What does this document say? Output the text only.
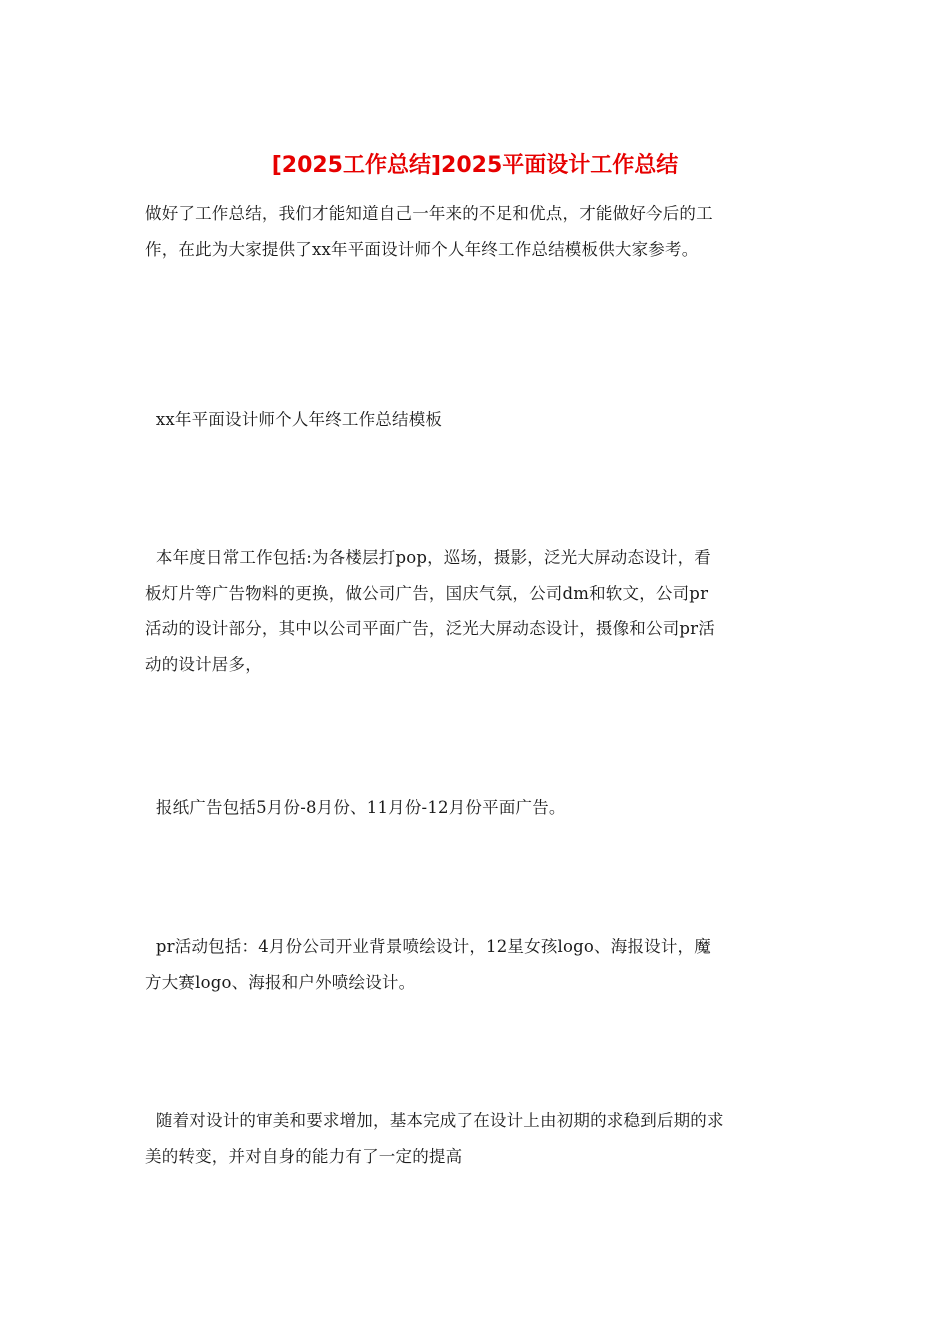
[2025工作总结]2025平面设计工作总结

做好了工作总结，我们才能知道自己一年来的不足和优点，才能做好今后的工
作，在此为大家提供了xx年平面设计师个人年终工作总结模板供大家参考。

xx年平面设计师个人年终工作总结模板

本年度日常工作包括:为各楼层打pop，巡场，摄影，泛光大屏动态设计，看
板灯片等广告物料的更换，做公司广告，国庆气氛，公司dm和软文，公司pr
活动的设计部分，其中以公司平面广告，泛光大屏动态设计，摄像和公司pr活
动的设计居多，

报纸广告包括5月份-8月份、11月份-12月份平面广告。

pr活动包括：4月份公司开业背景喷绘设计，12星女孩logo、海报设计，魔
方大赛logo、海报和户外喷绘设计。

随着对设计的审美和要求增加，基本完成了在设计上由初期的求稳到后期的求
美的转变，并对自身的能力有了一定的提高
